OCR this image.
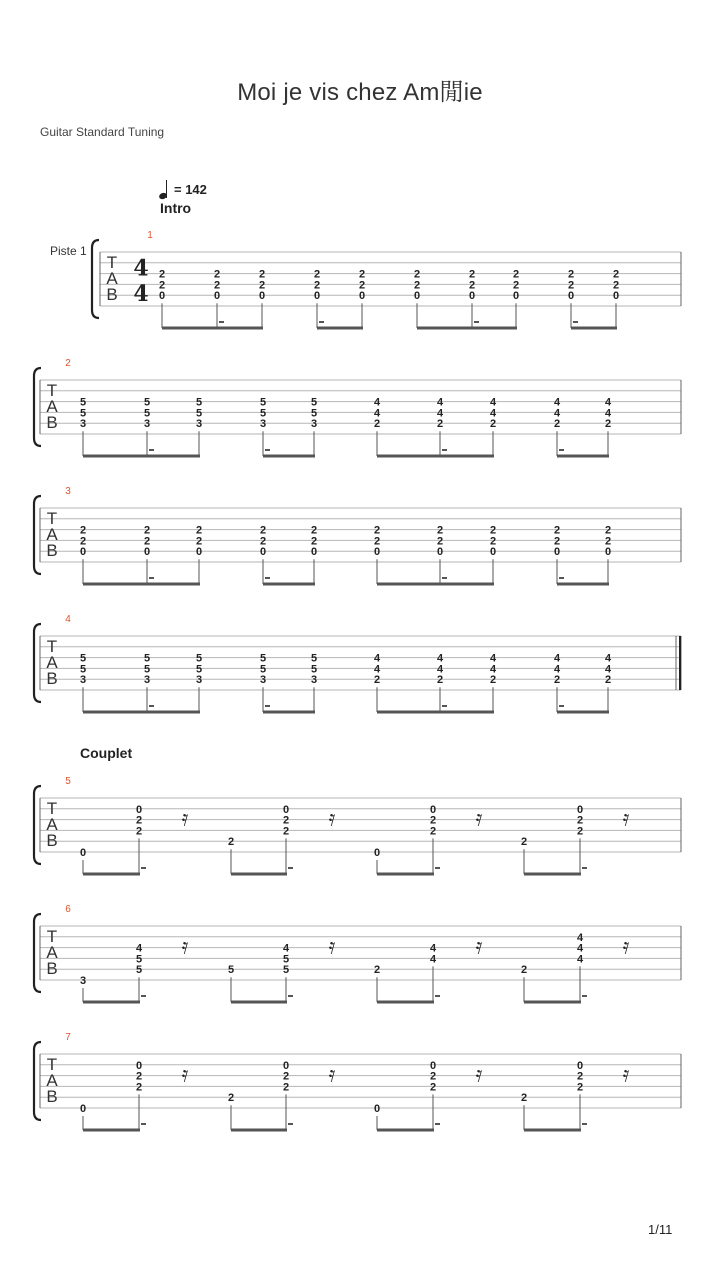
Moi je vis chez Am閒ie
Guitar Standard Tuning
= 142
Intro
Couplet
Piste 1
1/11
T
A
B
4
4
1
2
2
0
2
2
0
2
2
0
2
2
0
2
2
0
2
2
0
2
2
0
2
2
0
2
2
0
2
2
0
T
A
B
2
5
5
3
5
5
3
5
5
3
5
5
3
5
5
3
4
4
2
4
4
2
4
4
2
4
4
2
4
4
2
T
A
B
3
2
2
0
2
2
0
2
2
0
2
2
0
2
2
0
2
2
0
2
2
0
2
2
0
2
2
0
2
2
0
T
A
B
4
5
5
3
5
5
3
5
5
3
5
5
3
5
5
3
4
4
2
4
4
2
4
4
2
4
4
2
4
4
2
T
A
B
5
0
0
2
2 𝄿
2
0
2
2 𝄿
0
0
2
2 𝄿
2
0
2
2 𝄿
T
A
B
6
3
4
5
5
𝄿
5
4
5
5
𝄿
2
4
4 𝄿
2
4
4
4 𝄿
T
A
B
7
0
0
2
2 𝄿
2
0
2
2 𝄿
0
0
2
2 𝄿
2
0
2
2 𝄿
